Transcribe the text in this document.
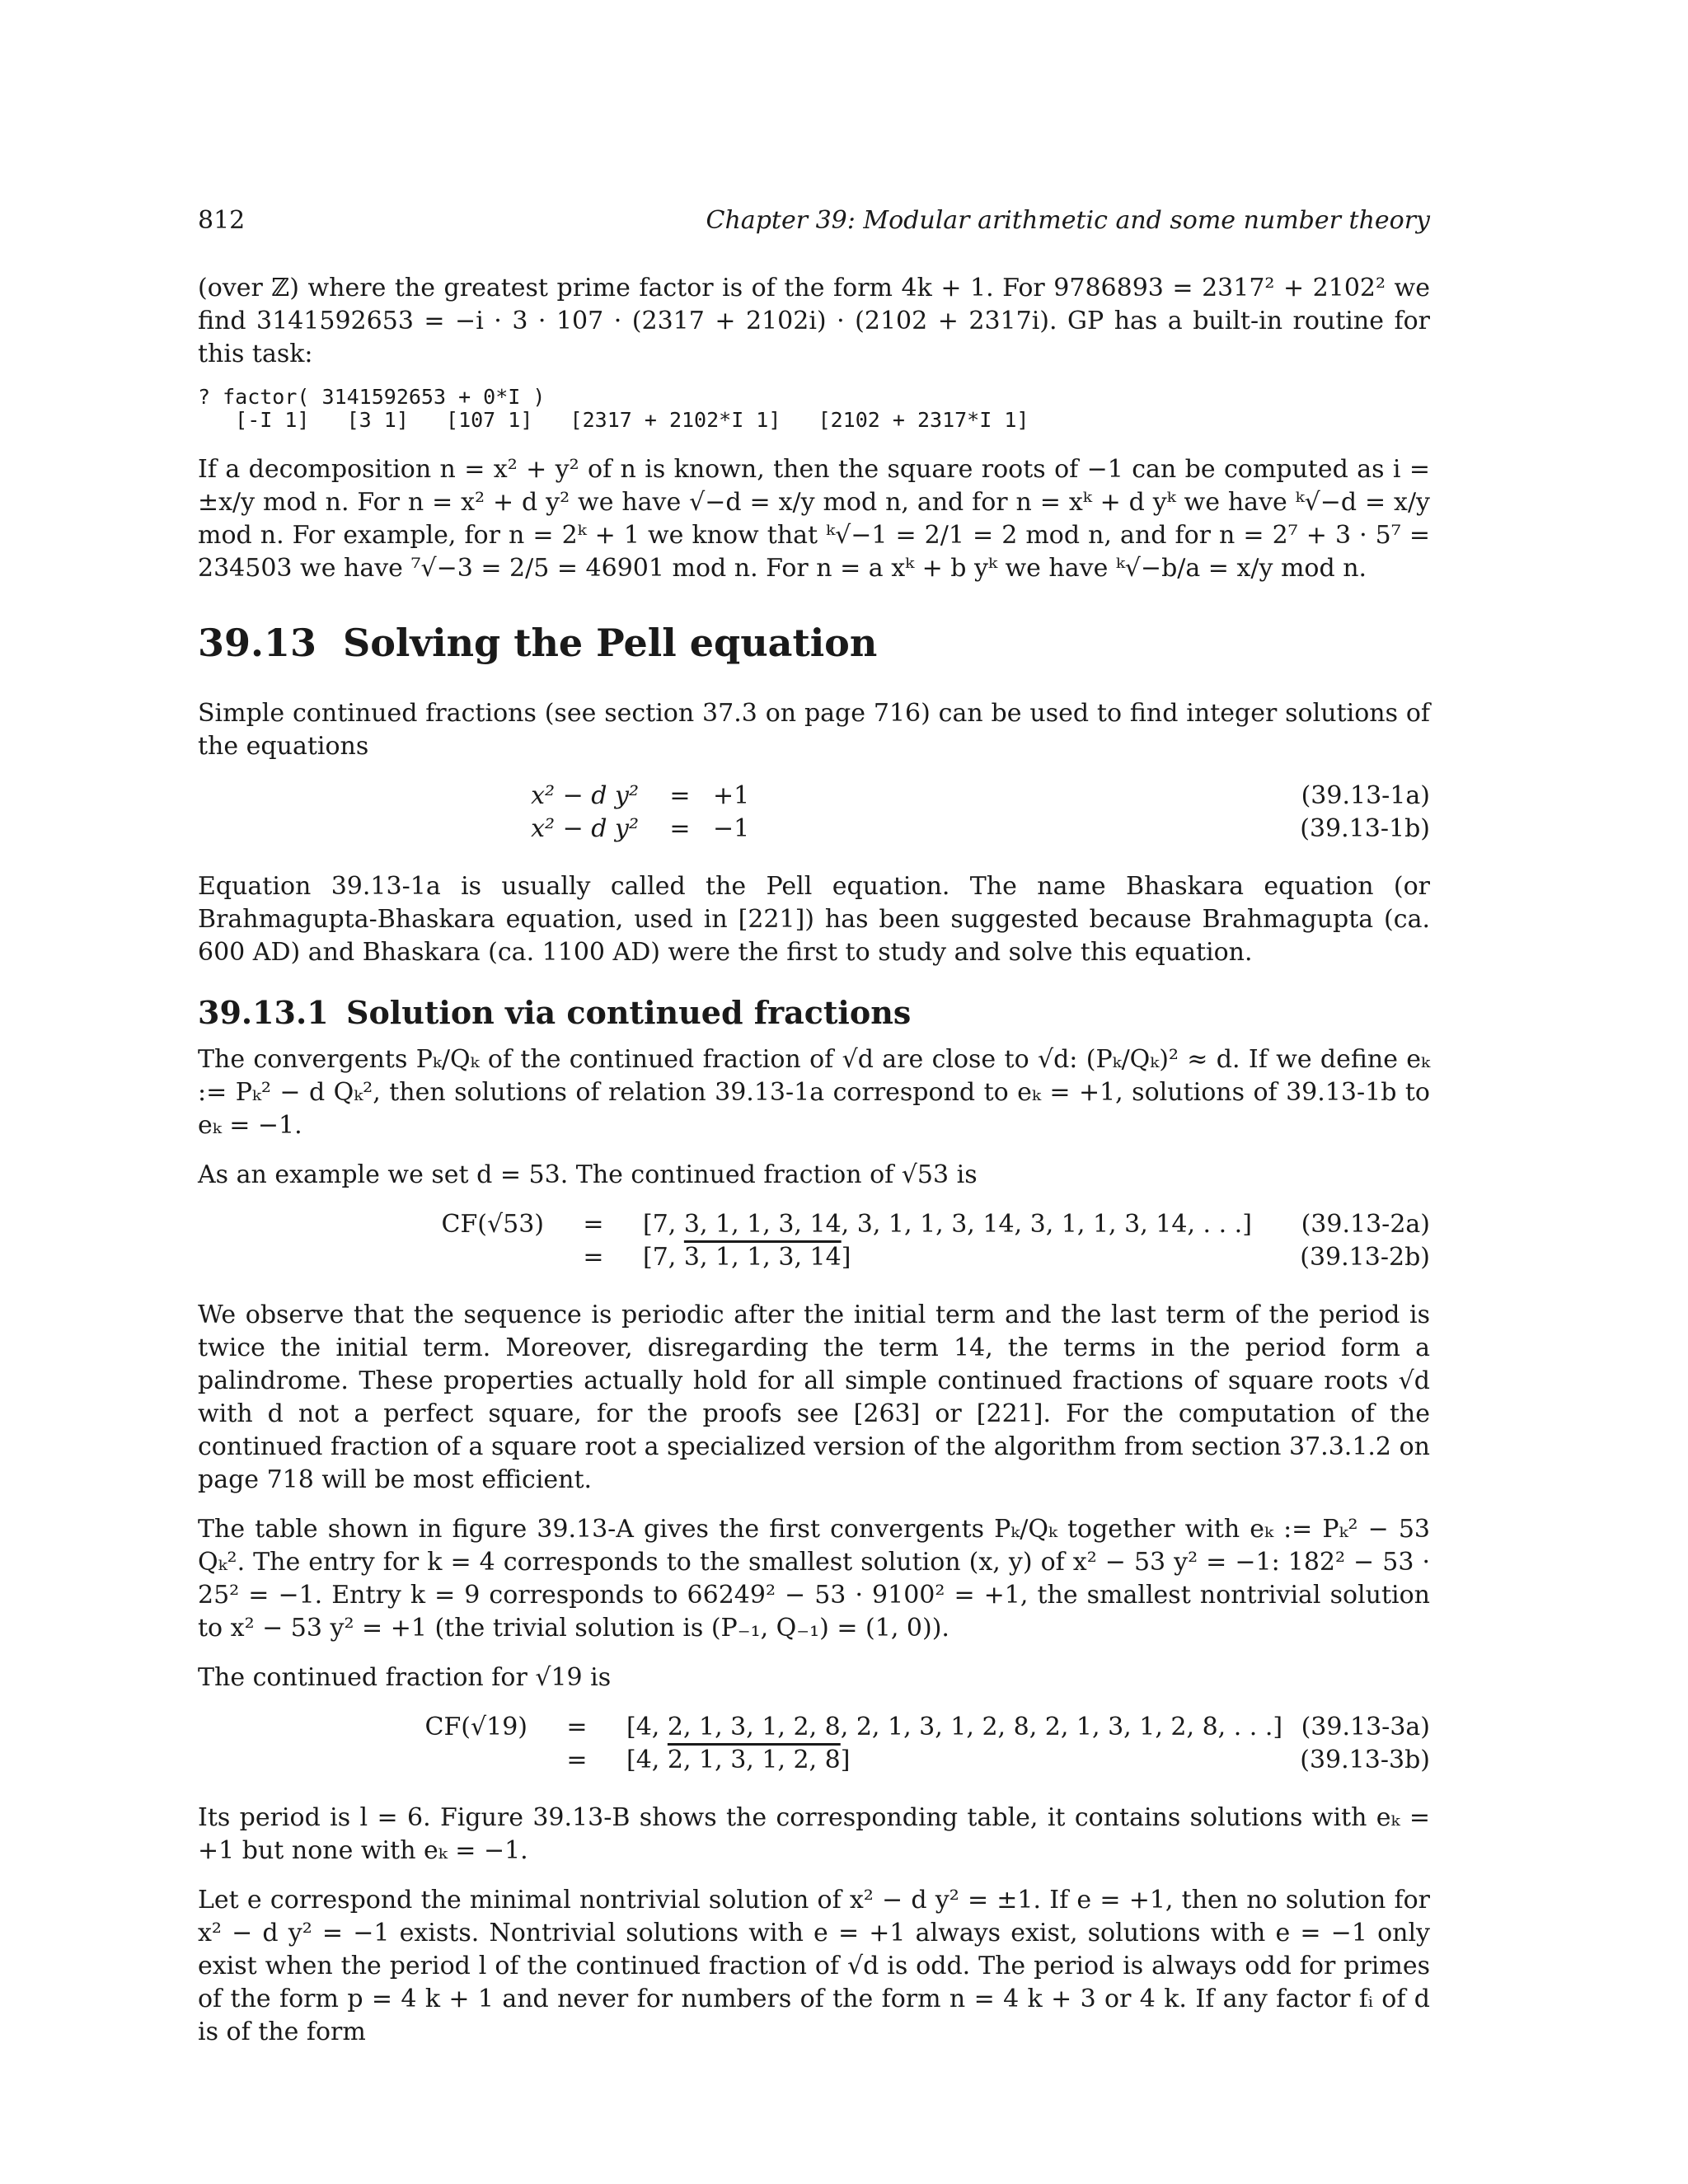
812	Chapter 39: Modular arithmetic and some number theory

(over ℤ) where the greatest prime factor is of the form 4k + 1. For 9786893 = 2317² + 2102² we find 3141592653 = −i · 3 · 107 · (2317 + 2102i) · (2102 + 2317i). GP has a built-in routine for this task:

? factor( 3141592653 + 0*I )
[-I 1]   [3 1]   [107 1]   [2317 + 2102*I 1]   [2102 + 2317*I 1]

If a decomposition n = x² + y² of n is known, then the square roots of −1 can be computed as i = ±x/y mod n. For n = x² + d y² we have √−d = x/y mod n, and for n = xᵏ + d yᵏ we have ᵏ√−d = x/y mod n. For example, for n = 2ᵏ + 1 we know that ᵏ√−1 = 2/1 = 2 mod n, and for n = 2⁷ + 3 · 5⁷ = 234503 we have ⁷√−3 = 2/5 = 46901 mod n. For n = a xᵏ + b yᵏ we have ᵏ√−b/a = x/y mod n.

39.13 Solving the Pell equation

Simple continued fractions (see section 37.3 on page 716) can be used to find integer solutions of the equations

x² − d y² = +1	(39.13-1a)
x² − d y² = −1	(39.13-1b)

Equation 39.13-1a is usually called the Pell equation. The name Bhaskara equation (or Brahmagupta-Bhaskara equation, used in [221]) has been suggested because Brahmagupta (ca. 600 AD) and Bhaskara (ca. 1100 AD) were the first to study and solve this equation.

39.13.1 Solution via continued fractions

The convergents Pₖ/Qₖ of the continued fraction of √d are close to √d: (Pₖ/Qₖ)² ≈ d. If we define eₖ := Pₖ² − d Qₖ², then solutions of relation 39.13-1a correspond to eₖ = +1, solutions of 39.13-1b to eₖ = −1.

As an example we set d = 53. The continued fraction of √53 is

CF(√53) = [7, 3, 1, 1, 3, 14, 3, 1, 1, 3, 14, 3, 1, 1, 3, 14, . . .] (39.13-2a)
= [7, 3, 1, 1, 3, 14]	(39.13-2b)

We observe that the sequence is periodic after the initial term and the last term of the period is twice the initial term. Moreover, disregarding the term 14, the terms in the period form a palindrome. These properties actually hold for all simple continued fractions of square roots √d with d not a perfect square, for the proofs see [263] or [221]. For the computation of the continued fraction of a square root a specialized version of the algorithm from section 37.3.1.2 on page 718 will be most efficient.

The table shown in figure 39.13-A gives the first convergents Pₖ/Qₖ together with eₖ := Pₖ² − 53 Qₖ². The entry for k = 4 corresponds to the smallest solution (x, y) of x² − 53 y² = −1: 182² − 53 · 25² = −1. Entry k = 9 corresponds to 66249² − 53 · 9100² = +1, the smallest nontrivial solution to x² − 53 y² = +1 (the trivial solution is (P₋₁, Q₋₁) = (1, 0)).

The continued fraction for √19 is

CF(√19) = [4, 2, 1, 3, 1, 2, 8, 2, 1, 3, 1, 2, 8, 2, 1, 3, 1, 2, 8, . . .] (39.13-3a)
= [4, 2, 1, 3, 1, 2, 8]	(39.13-3b)

Its period is l = 6. Figure 39.13-B shows the corresponding table, it contains solutions with eₖ = +1 but none with eₖ = −1.

Let e correspond the minimal nontrivial solution of x² − d y² = ±1. If e = +1, then no solution for x² − d y² = −1 exists. Nontrivial solutions with e = +1 always exist, solutions with e = −1 only exist when the period l of the continued fraction of √d is odd. The period is always odd for primes of the form p = 4 k + 1 and never for numbers of the form n = 4 k + 3 or 4 k. If any factor fᵢ of d is of the form
